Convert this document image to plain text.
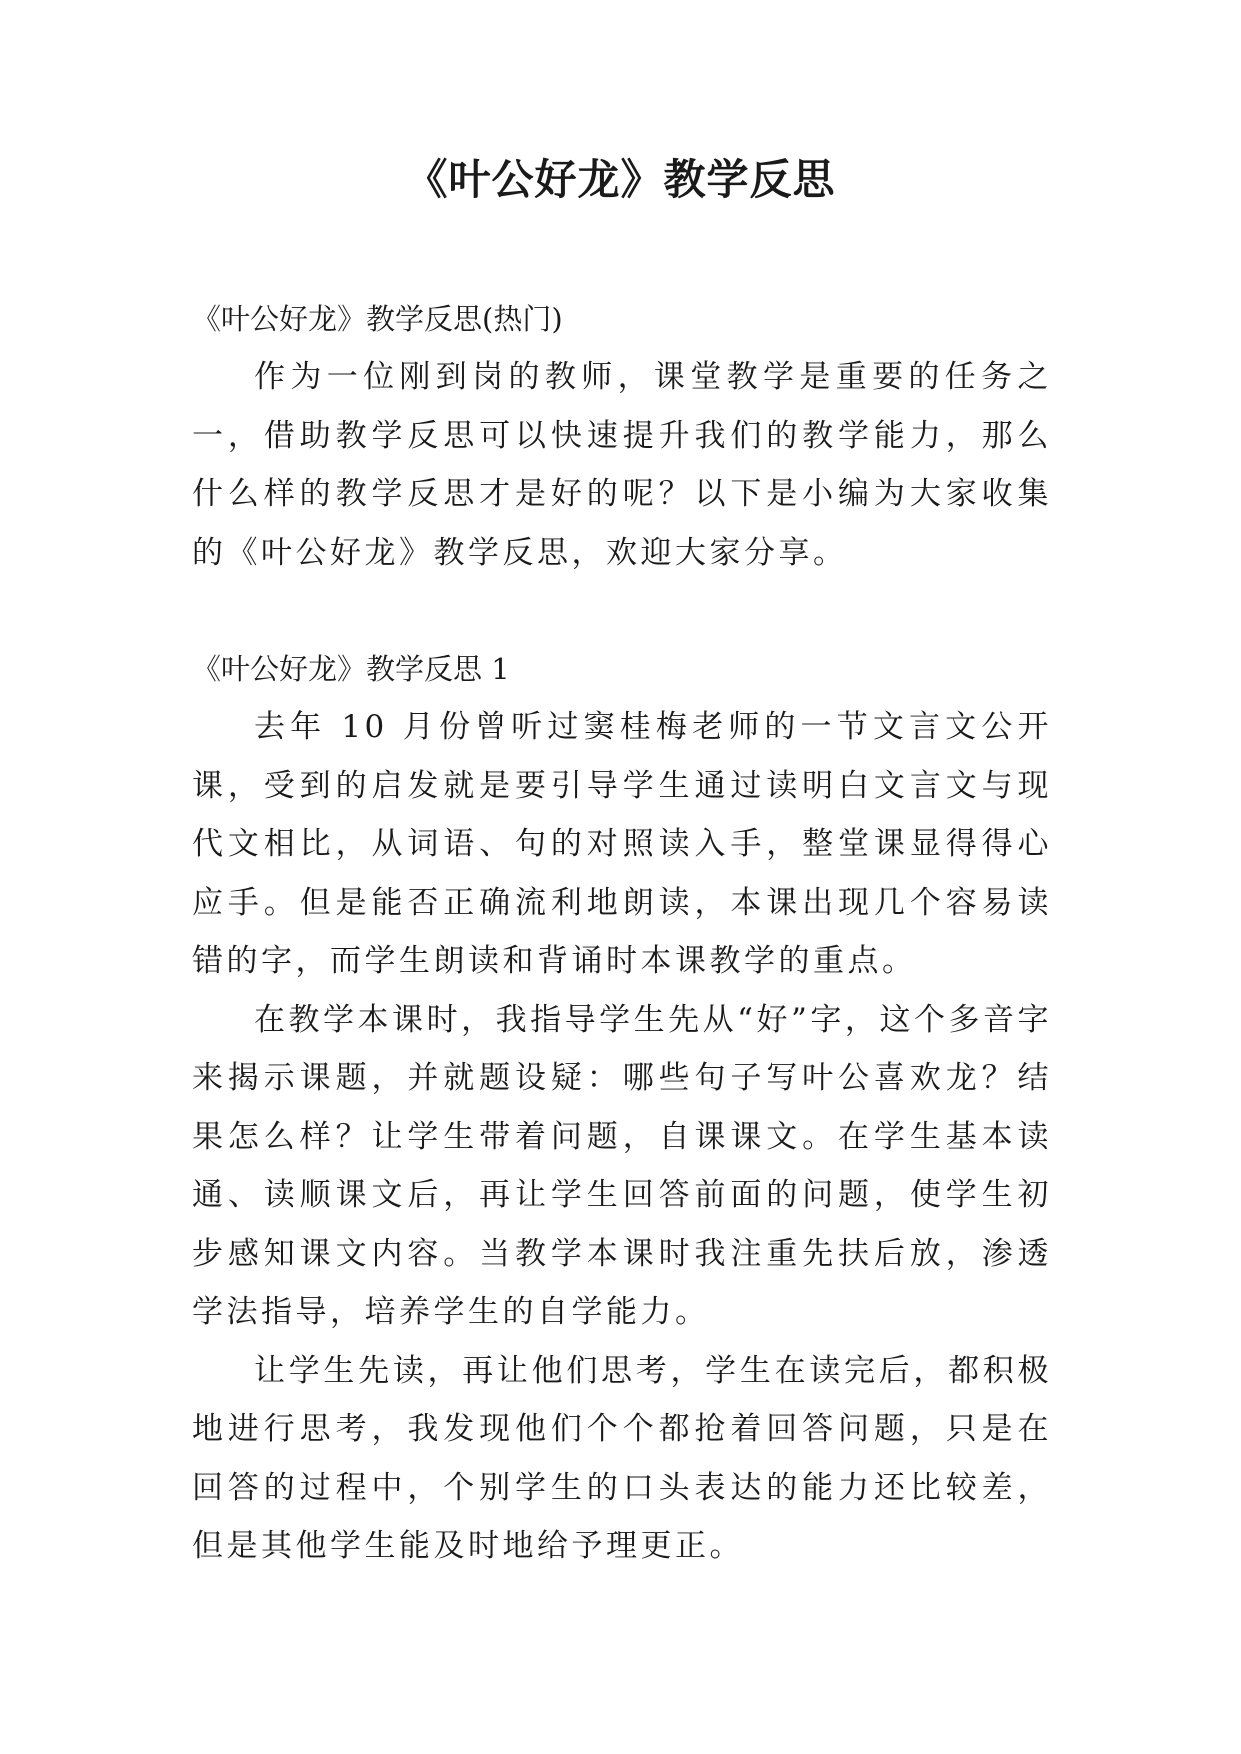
《叶公好龙》教学反思

《叶公好龙》教学反思(热门)

作为一位刚到岗的教师，课堂教学是重要的任务之一，借助教学反思可以快速提升我们的教学能力，那么什么样的教学反思才是好的呢？以下是小编为大家收集的《叶公好龙》教学反思，欢迎大家分享。

《叶公好龙》教学反思 1

去年 10 月份曾听过窦桂梅老师的一节文言文公开课，受到的启发就是要引导学生通过读明白文言文与现代文相比，从词语、句的对照读入手，整堂课显得得心应手。但是能否正确流利地朗读，本课出现几个容易读错的字，而学生朗读和背诵时本课教学的重点。

在教学本课时，我指导学生先从“好”字，这个多音字来揭示课题，并就题设疑：哪些句子写叶公喜欢龙？结果怎么样？让学生带着问题，自课课文。在学生基本读通、读顺课文后，再让学生回答前面的问题，使学生初步感知课文内容。当教学本课时我注重先扶后放，渗透学法指导，培养学生的自学能力。

让学生先读，再让他们思考，学生在读完后，都积极地进行思考，我发现他们个个都抢着回答问题，只是在回答的过程中，个别学生的口头表达的能力还比较差，但是其他学生能及时地给予理更正。
